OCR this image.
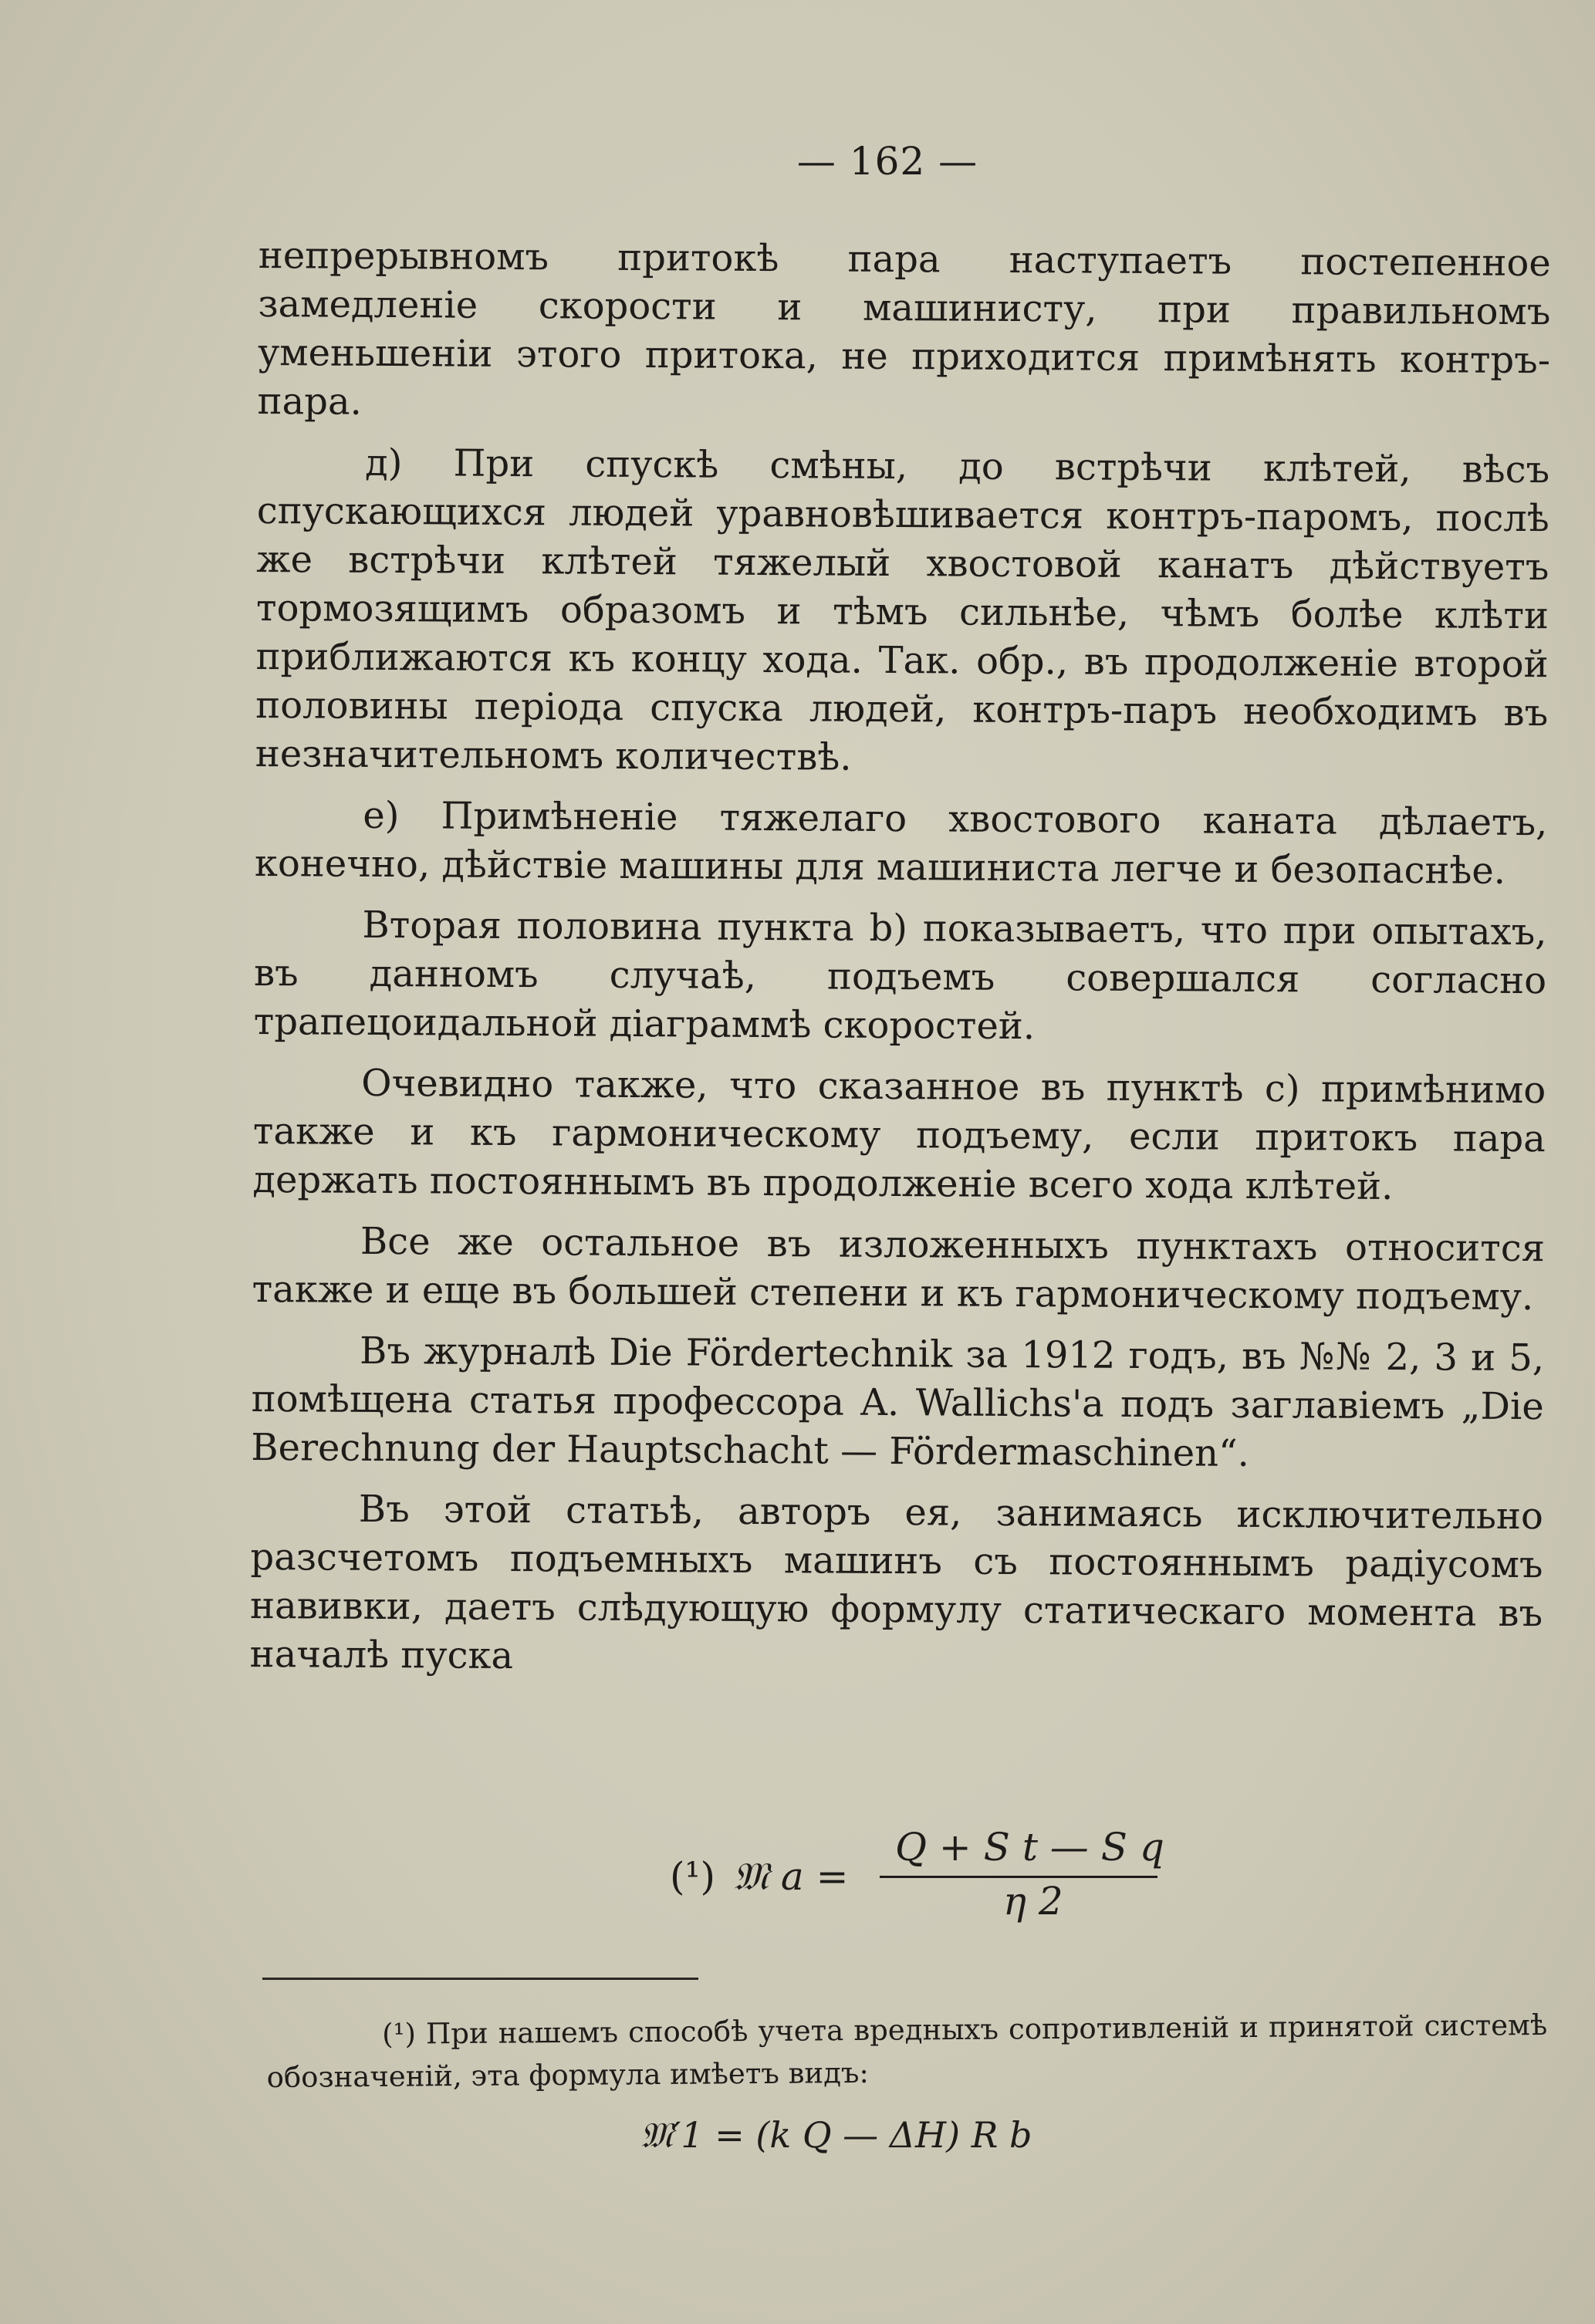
— 162 —

непрерывномъ притокѣ пара наступаетъ постепенное замедленіе скорости и машинисту, при правильномъ уменьшеніи этого притока, не приходится примѣнять контръ-пара.

д) При спускѣ смѣны, до встрѣчи клѣтей, вѣсъ спускающихся людей уравновѣшивается контръ-паромъ, послѣ же встрѣчи клѣтей тяжелый хвостовой канатъ дѣйствуетъ тормозящимъ образомъ и тѣмъ сильнѣе, чѣмъ болѣе клѣти приближаются къ концу хода. Так. обр., въ продолженіе второй половины періода спуска людей, контръ-паръ необходимъ въ незначительномъ количествѣ.

е) Примѣненіе тяжелаго хвостового каната дѣлаетъ, конечно, дѣйствіе машины для машиниста легче и безопаснѣе.

Вторая половина пункта b) показываетъ, что при опытахъ, въ данномъ случаѣ, подъемъ совершался согласно трапецоидальной діаграммѣ скоростей.

Очевидно также, что сказанное въ пунктѣ с) примѣнимо также и къ гармоническому подъему, если притокъ пара держать постояннымъ въ продолженіе всего хода клѣтей.

Все же остальное въ изложенныхъ пунктахъ относится также и еще въ большей степени и къ гармоническому подъему.

Въ журналѣ Die Fördertechnik за 1912 годъ, въ №№ 2, 3 и 5, помѣщена статья профессора A. Wallichs'а подъ заглавіемъ „Die Berechnung der Hauptschacht — Fördermaschinen“.

Въ этой статьѣ, авторъ ея, занимаясь исключительно разсчетомъ подъемныхъ машинъ съ постояннымъ радіусомъ навивки, даетъ слѣдующую формулу статическаго момента въ началѣ пуска

(¹) 𝔐 a =
Q + S t — S q
η 2

(¹) При нашемъ способѣ учета вредныхъ сопротивленій и принятой системѣ обозначеній, эта формула имѣетъ видъ:

𝔐′1 = (k Q — ΔH) R b
